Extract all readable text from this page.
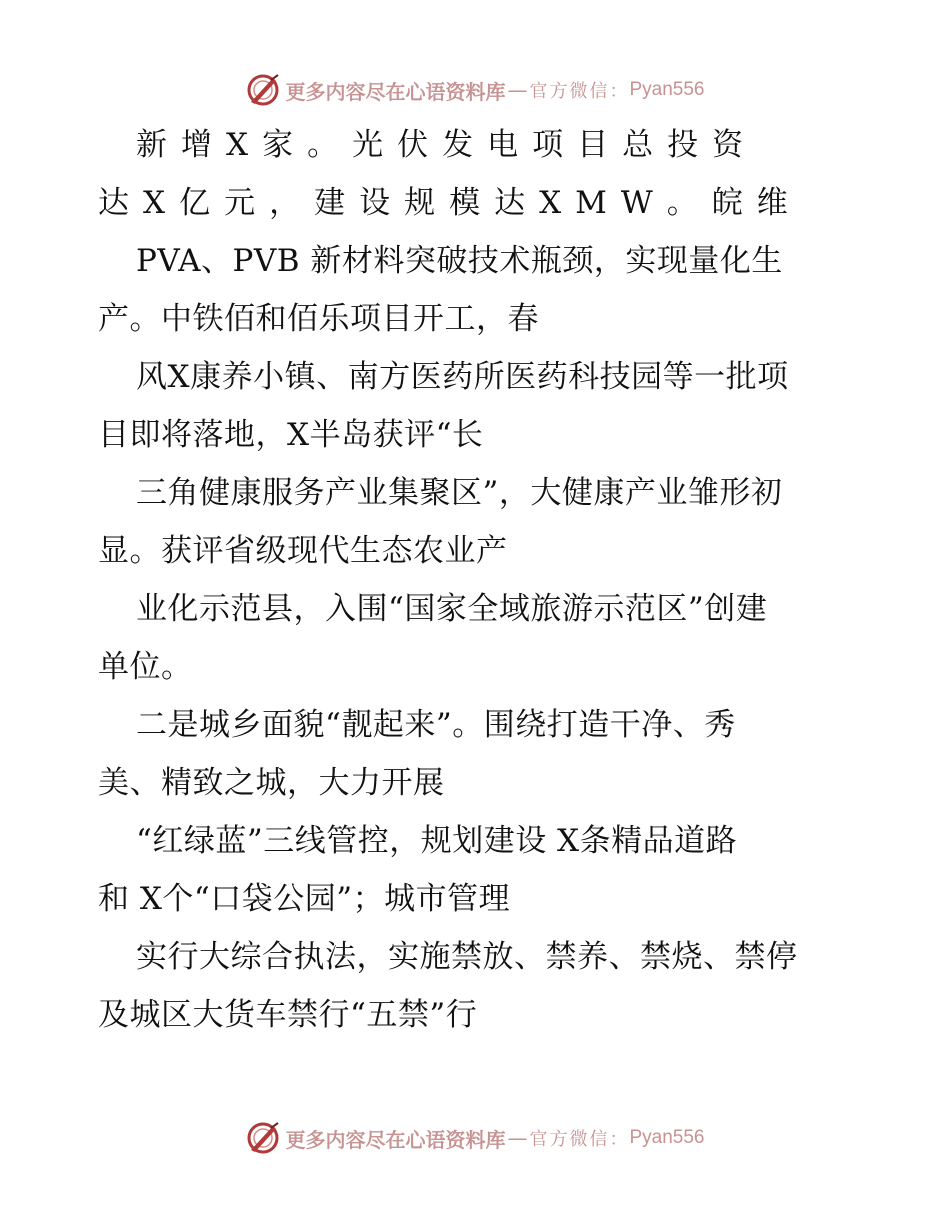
更多内容尽在心语资料库 — 官方微信： Pyan556
新增X家。光伏发电项目总投资
达X亿元，建设规模达XMW。皖维
PVA、PVB 新材料突破技术瓶颈，实现量化生
产。中铁佰和佰乐项目开工，春
风X康养小镇、南方医药所医药科技园等一批项
目即将落地，X半岛获评“长
三角健康服务产业集聚区”，大健康产业雏形初
显。获评省级现代生态农业产
业化示范县，入围“国家全域旅游示范区”创建
单位。
二是城乡面貌“靓起来”。围绕打造干净、秀
美、精致之城，大力开展
“红绿蓝”三线管控，规划建设 X条精品道路
和 X个“口袋公园”；城市管理
实行大综合执法，实施禁放、禁养、禁烧、禁停
及城区大货车禁行“五禁”行
更多内容尽在心语资料库 — 官方微信： Pyan556
